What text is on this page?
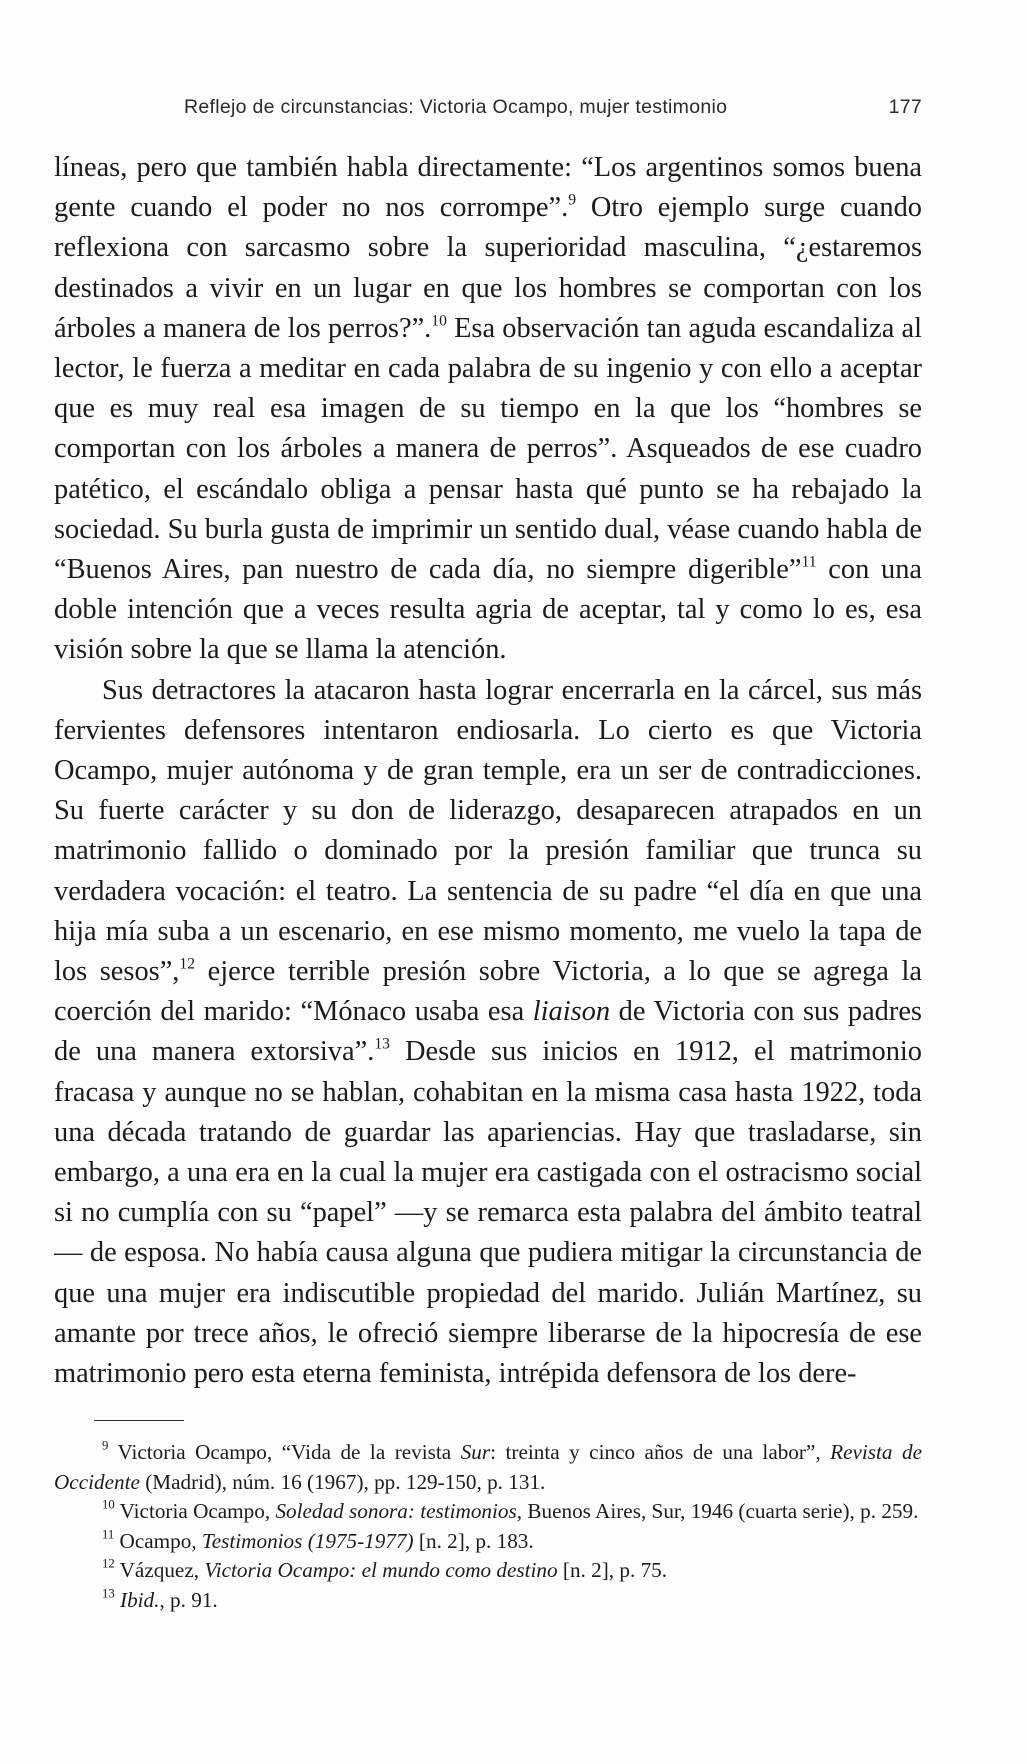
Reflejo de circunstancias: Victoria Ocampo, mujer testimonio	177

líneas, pero que también habla directamente: “Los argentinos somos buena gente cuando el poder no nos corrompe”.$^9$ Otro ejemplo surge cuando reflexiona con sarcasmo sobre la superioridad masculina, “¿estaremos destinados a vivir en un lugar en que los hombres se comportan con los árboles a manera de los perros?”.$^{10}$ Esa observación tan aguda escandaliza al lector, le fuerza a meditar en cada palabra de su ingenio y con ello a aceptar que es muy real esa imagen de su tiempo en la que los “hombres se comportan con los árboles a manera de perros”. Asqueados de ese cuadro patético, el escándalo obliga a pensar hasta qué punto se ha rebajado la sociedad. Su burla gusta de imprimir un sentido dual, véase cuando habla de “Buenos Aires, pan nuestro de cada día, no siempre digerible”$^{11}$ con una doble intención que a veces resulta agria de aceptar, tal y como lo es, esa visión sobre la que se llama la atención.

Sus detractores la atacaron hasta lograr encerrarla en la cárcel, sus más fervientes defensores intentaron endiosarla. Lo cierto es que Victoria Ocampo, mujer autónoma y de gran temple, era un ser de contradicciones. Su fuerte carácter y su don de liderazgo, desaparecen atrapados en un matrimonio fallido o dominado por la presión familiar que trunca su verdadera vocación: el teatro. La sentencia de su padre “el día en que una hija mía suba a un escenario, en ese mismo momento, me vuelo la tapa de los sesos”,$^{12}$ ejerce terrible presión sobre Victoria, a lo que se agrega la coerción del marido: “Mónaco usaba esa liaison de Victoria con sus padres de una manera extorsiva”.$^{13}$ Desde sus inicios en 1912, el matrimonio fracasa y aunque no se hablan, cohabitan en la misma casa hasta 1922, toda una década tratando de guardar las apariencias. Hay que trasladarse, sin embargo, a una era en la cual la mujer era castigada con el ostracismo social si no cumplía con su “papel” —y se remarca esta palabra del ámbito teatral— de esposa. No había causa alguna que pudiera mitigar la circunstancia de que una mujer era indiscutible propiedad del marido. Julián Martínez, su amante por trece años, le ofreció siempre liberarse de la hipocresía de ese matrimonio pero esta eterna feminista, intrépida defensora de los dere-

$^9$ Victoria Ocampo, “Vida de la revista Sur: treinta y cinco años de una labor”, Revista de Occidente (Madrid), núm. 16 (1967), pp. 129-150, p. 131.

$^{10}$ Victoria Ocampo, Soledad sonora: testimonios, Buenos Aires, Sur, 1946 (cuarta serie), p. 259.

$^{11}$ Ocampo, Testimonios (1975-1977) [n. 2], p. 183.

$^{12}$ Vázquez, Victoria Ocampo: el mundo como destino [n. 2], p. 75.

$^{13}$ Ibid., p. 91.
